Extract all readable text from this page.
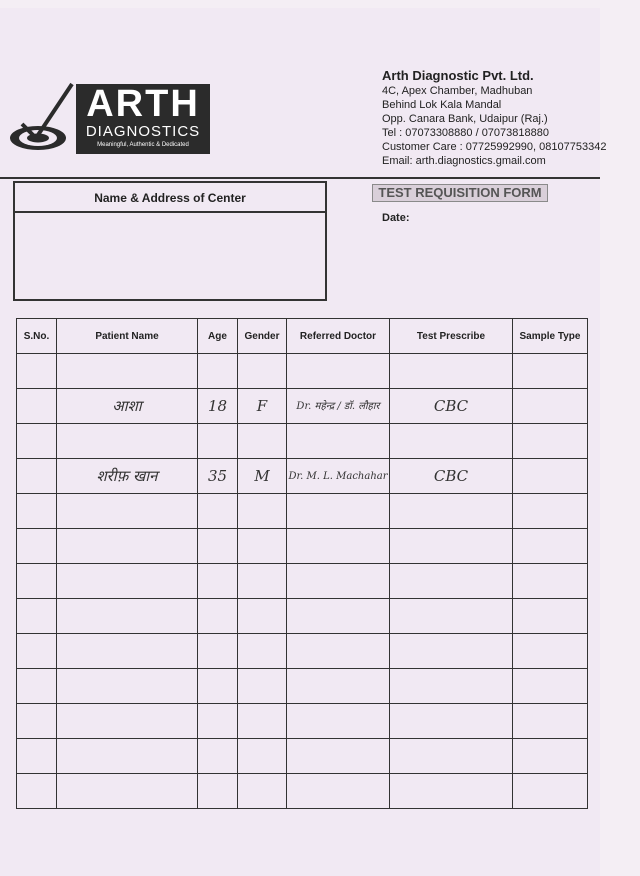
ARTH
DIAGNOSTICS
Meaningful, Authentic & Dedicated
Arth Diagnostic Pvt. Ltd.
4C, Apex Chamber, Madhuban
Behind Lok Kala Mandal
Opp. Canara Bank, Udaipur (Raj.)
Tel : 07073308880 / 07073818880
Customer Care : 07725992990, 08107753342
Email: arth.diagnostics.gmail.com
Name & Address of Center	TEST REQUISITION FORM
Date:
S.No.	Patient Name	Age	Gender	Referred Doctor	Test Prescribe	Sample Type

	आशा	18	F	Dr. महेन्द्र / डॉ. लौहार	CBC	

	शरीफ़ खान	35	M	Dr. M. L. Machahar	CBC	
